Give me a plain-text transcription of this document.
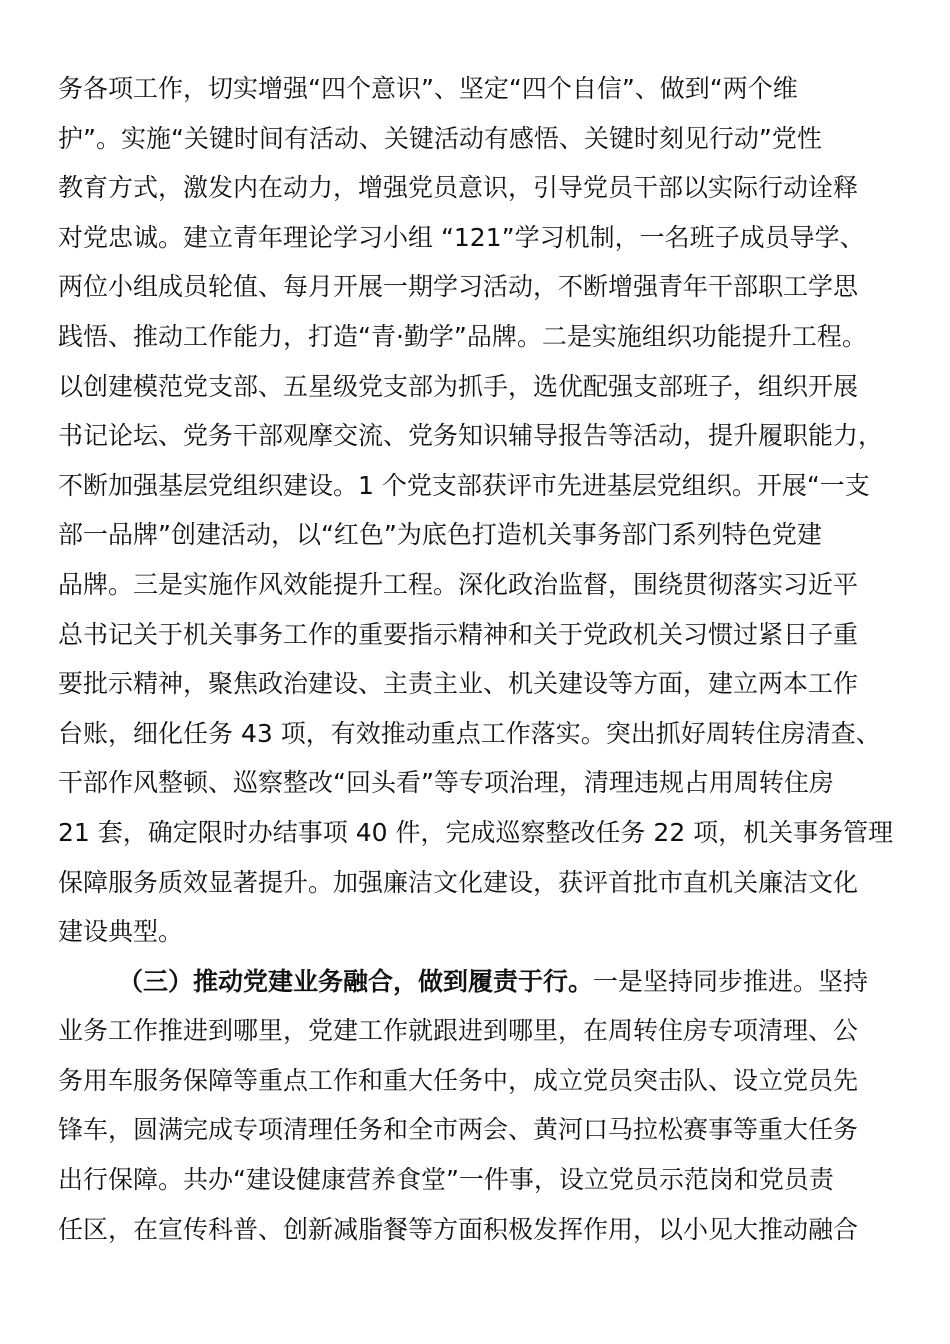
务各项工作，切实增强“四个意识”、坚定“四个自信”、做到“两个维
护”。实施“关键时间有活动、关键活动有感悟、关键时刻见行动”党性
教育方式，激发内在动力，增强党员意识，引导党员干部以实际行动诠释
对党忠诚。建立青年理论学习小组 “121”学习机制，一名班子成员导学、
两位小组成员轮值、每月开展一期学习活动，不断增强青年干部职工学思
践悟、推动工作能力，打造“青·勤学”品牌。二是实施组织功能提升工程。
以创建模范党支部、五星级党支部为抓手，选优配强支部班子，组织开展
书记论坛、党务干部观摩交流、党务知识辅导报告等活动，提升履职能力，
不断加强基层党组织建设。1 个党支部获评市先进基层党组织。开展“一支
部一品牌”创建活动，以“红色”为底色打造机关事务部门系列特色党建
品牌。三是实施作风效能提升工程。深化政治监督，围绕贯彻落实习近平
总书记关于机关事务工作的重要指示精神和关于党政机关习惯过紧日子重
要批示精神，聚焦政治建设、主责主业、机关建设等方面，建立两本工作
台账，细化任务 43 项，有效推动重点工作落实。突出抓好周转住房清查、
干部作风整顿、巡察整改“回头看”等专项治理，清理违规占用周转住房
21 套，确定限时办结事项 40 件，完成巡察整改任务 22 项，机关事务管理
保障服务质效显著提升。加强廉洁文化建设，获评首批市直机关廉洁文化
建设典型。
（三）推动党建业务融合，做到履责于行。一是坚持同步推进。坚持
业务工作推进到哪里，党建工作就跟进到哪里，在周转住房专项清理、公
务用车服务保障等重点工作和重大任务中，成立党员突击队、设立党员先
锋车，圆满完成专项清理任务和全市两会、黄河口马拉松赛事等重大任务
出行保障。共办“建设健康营养食堂”一件事，设立党员示范岗和党员责
任区，在宣传科普、创新减脂餐等方面积极发挥作用，以小见大推动融合
